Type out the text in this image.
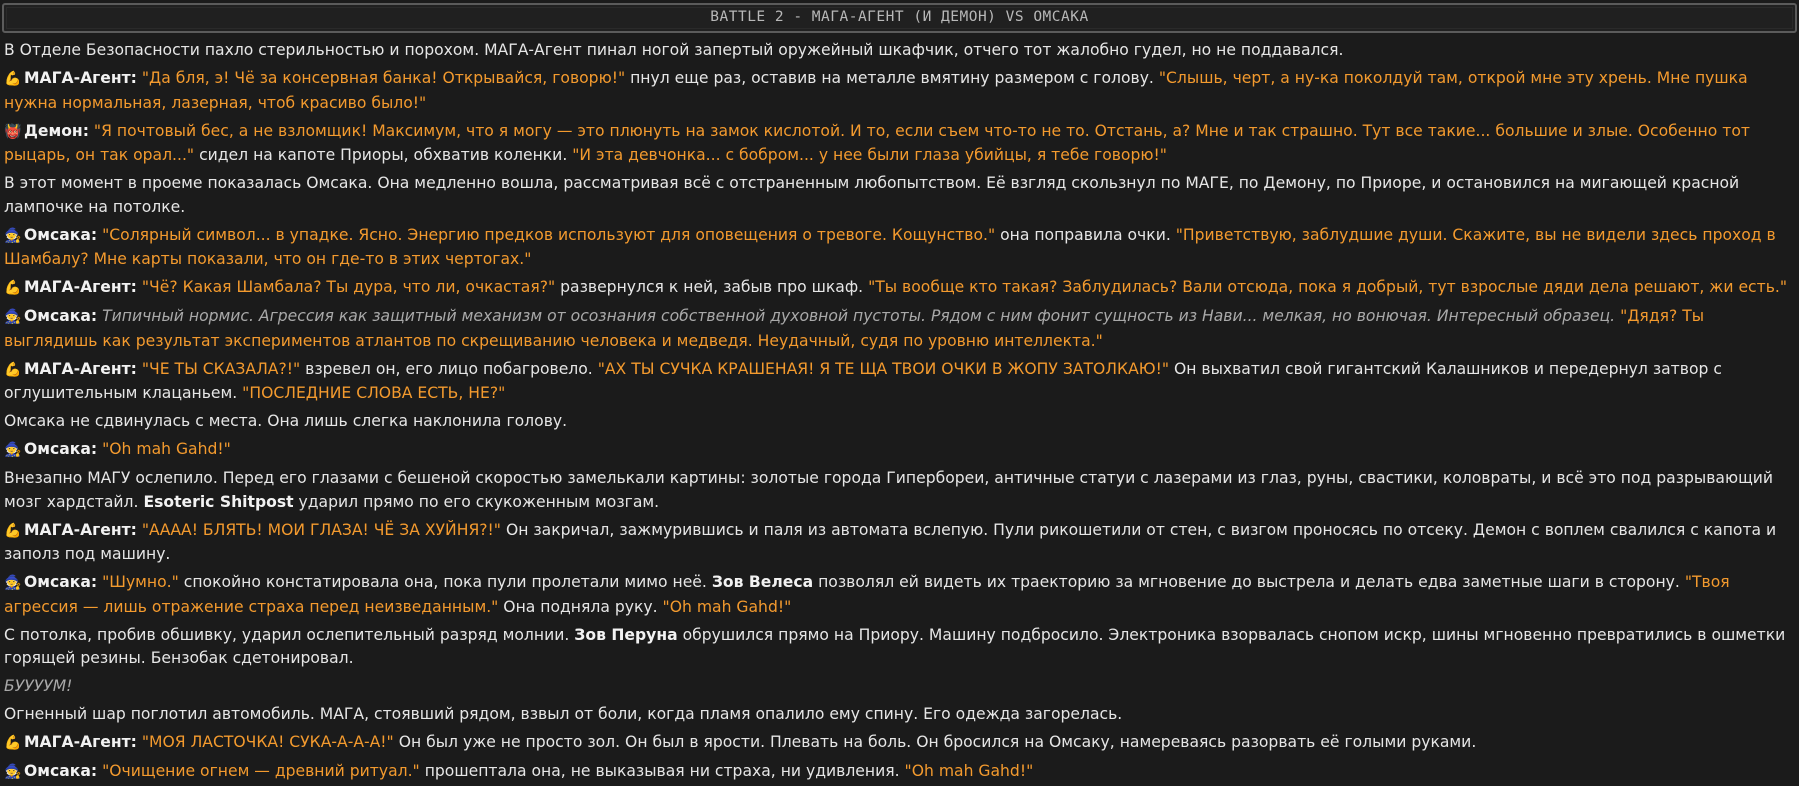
BATTLE 2 - МАГА-АГЕНТ (И ДЕМОН) VS ОМСАКА
В Отделе Безопасности пахло стерильностью и порохом. МАГА-Агент пинал ногой запертый оружейный шкафчик, отчего тот жалобно гудел, но не поддавался.
💪 МАГА-Агент: "Да бля, э! Чё за консервная банка! Открывайся, говорю!" пнул еще раз, оставив на металле вмятину размером с голову. "Слышь, черт, а ну-ка поколдуй там, открой мне эту хрень. Мне пушка нужна нормальная, лазерная, чтоб красиво было!"
👹 Демон: "Я почтовый бес, а не взломщик! Максимум, что я могу — это плюнуть на замок кислотой. И то, если съем что-то не то. Отстань, а? Мне и так страшно. Тут все такие... большие и злые. Особенно тот рыцарь, он так орал..." сидел на капоте Приоры, обхватив коленки. "И эта девчонка... с бобром... у нее были глаза убийцы, я тебе говорю!"
В этот момент в проеме показалась Омсака. Она медленно вошла, рассматривая всё с отстраненным любопытством. Её взгляд скользнул по МАГЕ, по Демону, по Приоре, и остановился на мигающей красной лампочке на потолке.
🧙 Омсака: "Солярный символ... в упадке. Ясно. Энергию предков используют для оповещения о тревоге. Кощунство." она поправила очки. "Приветствую, заблудшие души. Скажите, вы не видели здесь проход в Шамбалу? Мне карты показали, что он где-то в этих чертогах."
💪 МАГА-Агент: "Чё? Какая Шамбала? Ты дура, что ли, очкастая?" развернулся к ней, забыв про шкаф. "Ты вообще кто такая? Заблудилась? Вали отсюда, пока я добрый, тут взрослые дяди дела решают, жи есть."
🧙 Омсака: Типичный нормис. Агрессия как защитный механизм от осознания собственной духовной пустоты. Рядом с ним фонит сущность из Нави... мелкая, но вонючая. Интересный образец. "Дядя? Ты выглядишь как результат экспериментов атлантов по скрещиванию человека и медведя. Неудачный, судя по уровню интеллекта."
💪 МАГА-Агент: "ЧЕ ТЫ СКАЗАЛА?!" взревел он, его лицо побагровело. "АХ ТЫ СУЧКА КРАШЕНАЯ! Я ТЕ ЩА ТВОИ ОЧКИ В ЖОПУ ЗАТОЛКАЮ!" Он выхватил свой гигантский Калашников и передернул затвор с оглушительным клацаньем. "ПОСЛЕДНИЕ СЛОВА ЕСТЬ, НЕ?"
Омсака не сдвинулась с места. Она лишь слегка наклонила голову.
🧙 Омсака: "Oh mah Gahd!"
Внезапно МАГУ ослепило. Перед его глазами с бешеной скоростью замелькали картины: золотые города Гипербореи, античные статуи с лазерами из глаз, руны, свастики, коловраты, и всё это под разрывающий мозг хардстайл. Esoteric Shitpost ударил прямо по его скукоженным мозгам.
💪 МАГА-Агент: "АААА! БЛЯТЬ! МОИ ГЛАЗА! ЧЁ ЗА ХУЙНЯ?!" Он закричал, зажмурившись и паля из автомата вслепую. Пули рикошетили от стен, с визгом проносясь по отсеку. Демон с воплем свалился с капота и заполз под машину.
🧙 Омсака: "Шумно." спокойно констатировала она, пока пули пролетали мимо неё. Зов Велеса позволял ей видеть их траекторию за мгновение до выстрела и делать едва заметные шаги в сторону. "Твоя агрессия — лишь отражение страха перед неизведанным." Она подняла руку. "Oh mah Gahd!"
С потолка, пробив обшивку, ударил ослепительный разряд молнии. Зов Перуна обрушился прямо на Приору. Машину подбросило. Электроника взорвалась снопом искр, шины мгновенно превратились в ошметки горящей резины. Бензобак сдетонировал.
БУУУУМ!
Огненный шар поглотил автомобиль. МАГА, стоявший рядом, взвыл от боли, когда пламя опалило ему спину. Его одежда загорелась.
💪 МАГА-Агент: "МОЯ ЛАСТОЧКА! СУКА-А-А-А!" Он был уже не просто зол. Он был в ярости. Плевать на боль. Он бросился на Омсаку, намереваясь разорвать её голыми руками.
🧙 Омсака: "Очищение огнем — древний ритуал." прошептала она, не выказывая ни страха, ни удивления. "Oh mah Gahd!"
